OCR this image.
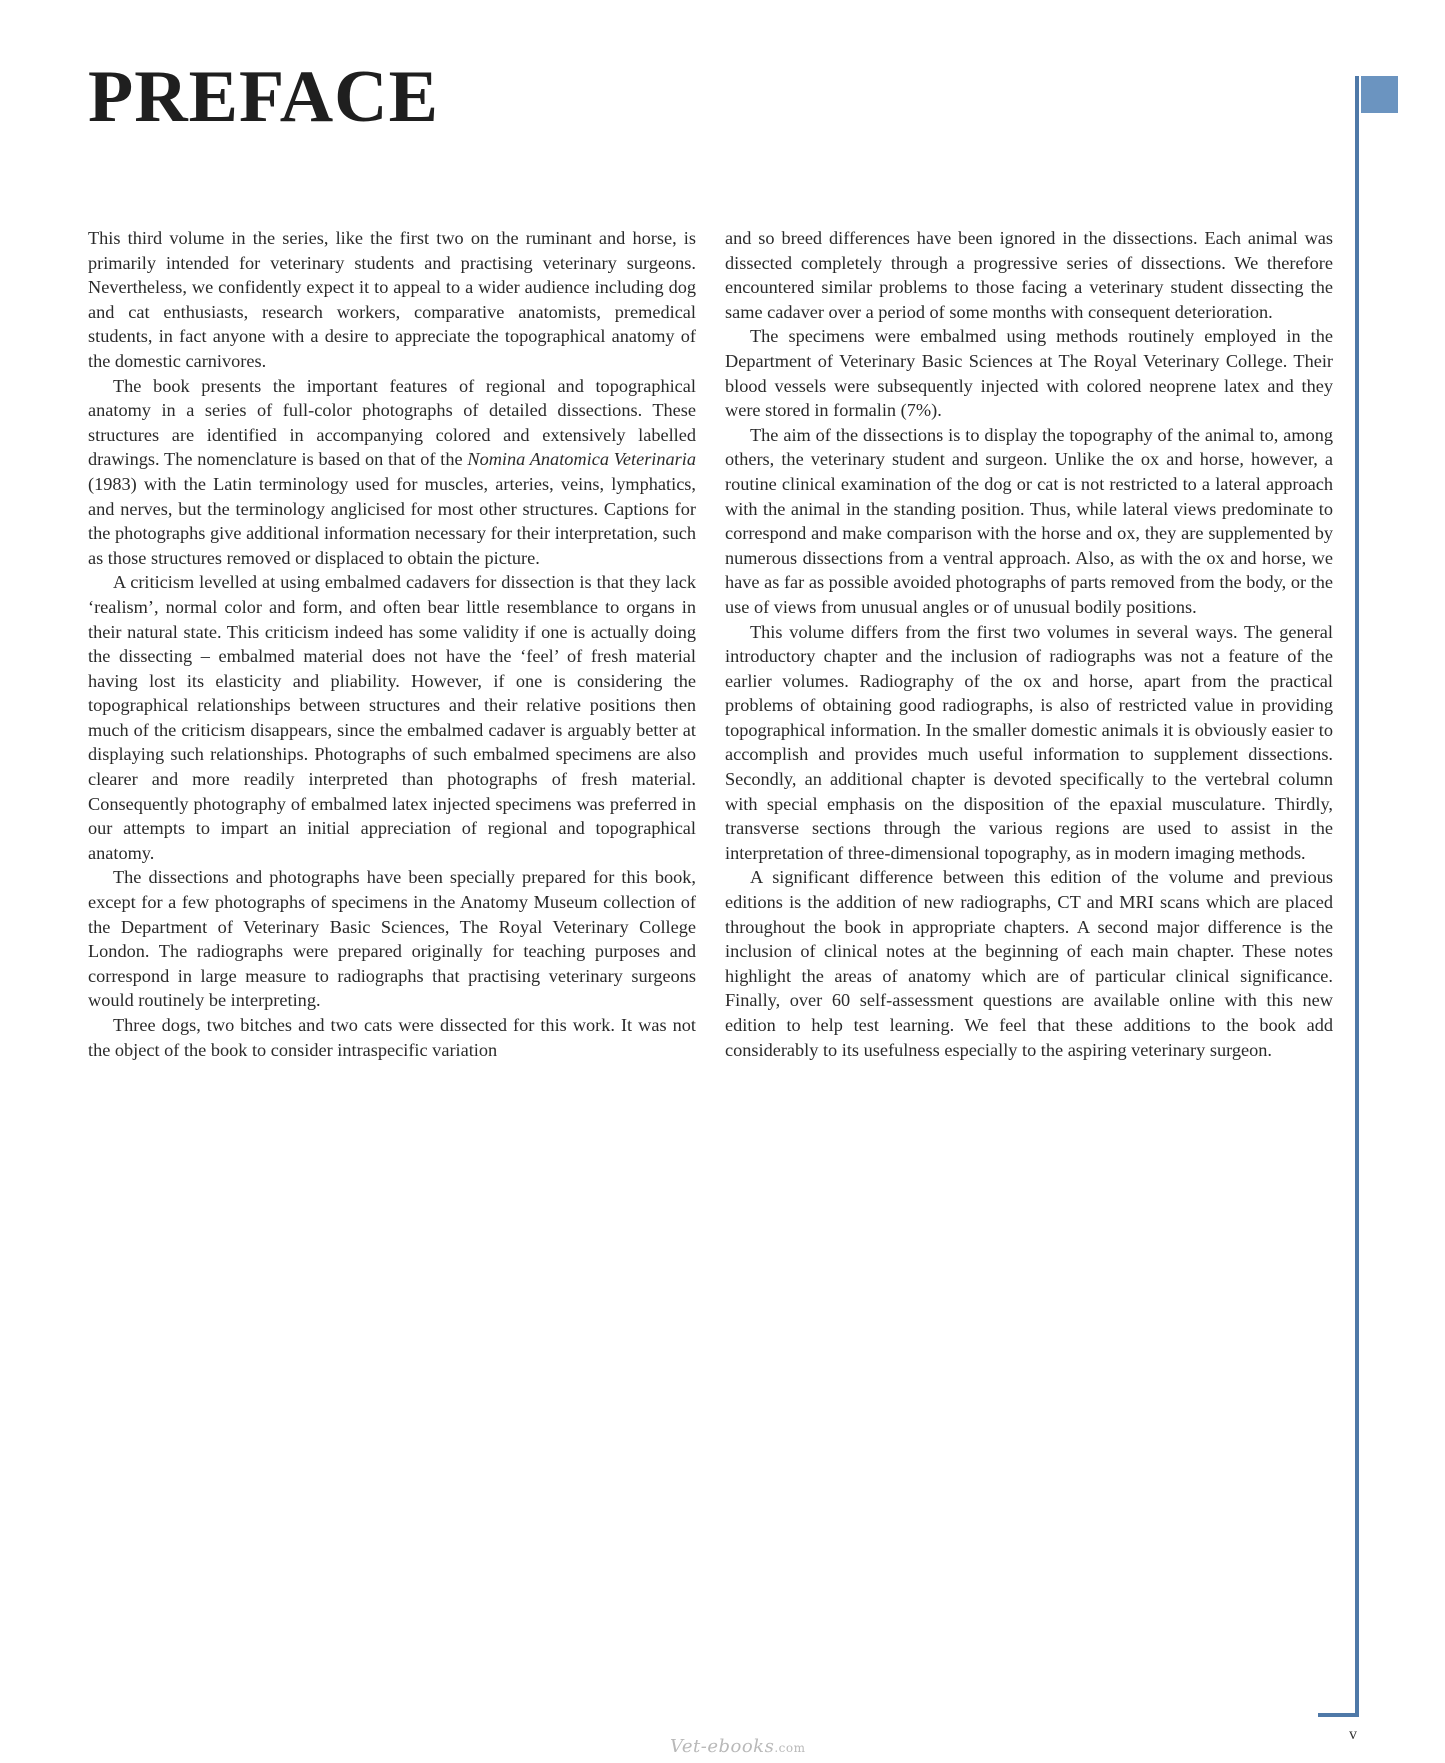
PREFACE

This third volume in the series, like the first two on the ruminant and horse, is primarily intended for veterinary students and practising veterinary surgeons. Nevertheless, we confidently expect it to appeal to a wider audience including dog and cat enthusiasts, research workers, comparative anatomists, premedical students, in fact anyone with a desire to appreciate the topographical anatomy of the domestic carnivores.

The book presents the important features of regional and topographical anatomy in a series of full-color photographs of detailed dissections. These structures are identified in accompanying colored and extensively labelled drawings. The nomenclature is based on that of the Nomina Anatomica Veterinaria (1983) with the Latin terminology used for muscles, arteries, veins, lymphatics, and nerves, but the terminology anglicised for most other structures. Captions for the photographs give additional information necessary for their interpretation, such as those structures removed or displaced to obtain the picture.

A criticism levelled at using embalmed cadavers for dissection is that they lack ‘realism’, normal color and form, and often bear little resemblance to organs in their natural state. This criticism indeed has some validity if one is actually doing the dissecting – embalmed material does not have the ‘feel’ of fresh material having lost its elasticity and pliability. However, if one is considering the topographical relationships between structures and their relative positions then much of the criticism disappears, since the embalmed cadaver is arguably better at displaying such relationships. Photographs of such embalmed specimens are also clearer and more readily interpreted than photographs of fresh material. Consequently photography of embalmed latex injected specimens was preferred in our attempts to impart an initial appreciation of regional and topographical anatomy.

The dissections and photographs have been specially prepared for this book, except for a few photographs of specimens in the Anatomy Museum collection of the Department of Veterinary Basic Sciences, The Royal Veterinary College London. The radiographs were prepared originally for teaching purposes and correspond in large measure to radiographs that practising veterinary surgeons would routinely be interpreting.

Three dogs, two bitches and two cats were dissected for this work. It was not the object of the book to consider intraspecific variation

and so breed differences have been ignored in the dissections. Each animal was dissected completely through a progressive series of dissections. We therefore encountered similar problems to those facing a veterinary student dissecting the same cadaver over a period of some months with consequent deterioration.

The specimens were embalmed using methods routinely employed in the Department of Veterinary Basic Sciences at The Royal Veterinary College. Their blood vessels were subsequently injected with colored neoprene latex and they were stored in formalin (7%).

The aim of the dissections is to display the topography of the animal to, among others, the veterinary student and surgeon. Unlike the ox and horse, however, a routine clinical examination of the dog or cat is not restricted to a lateral approach with the animal in the standing position. Thus, while lateral views predominate to correspond and make comparison with the horse and ox, they are supplemented by numerous dissections from a ventral approach. Also, as with the ox and horse, we have as far as possible avoided photographs of parts removed from the body, or the use of views from unusual angles or of unusual bodily positions.

This volume differs from the first two volumes in several ways. The general introductory chapter and the inclusion of radiographs was not a feature of the earlier volumes. Radiography of the ox and horse, apart from the practical problems of obtaining good radiographs, is also of restricted value in providing topographical information. In the smaller domestic animals it is obviously easier to accomplish and provides much useful information to supplement dissections. Secondly, an additional chapter is devoted specifically to the vertebral column with special emphasis on the disposition of the epaxial musculature. Thirdly, transverse sections through the various regions are used to assist in the interpretation of three-dimensional topography, as in modern imaging methods.

A significant difference between this edition of the volume and previous editions is the addition of new radiographs, CT and MRI scans which are placed throughout the book in appropriate chapters. A second major difference is the inclusion of clinical notes at the beginning of each main chapter. These notes highlight the areas of anatomy which are of particular clinical significance. Finally, over 60 self-assessment questions are available online with this new edition to help test learning. We feel that these additions to the book add considerably to its usefulness especially to the aspiring veterinary surgeon.

v
Vet-ebooks.com
